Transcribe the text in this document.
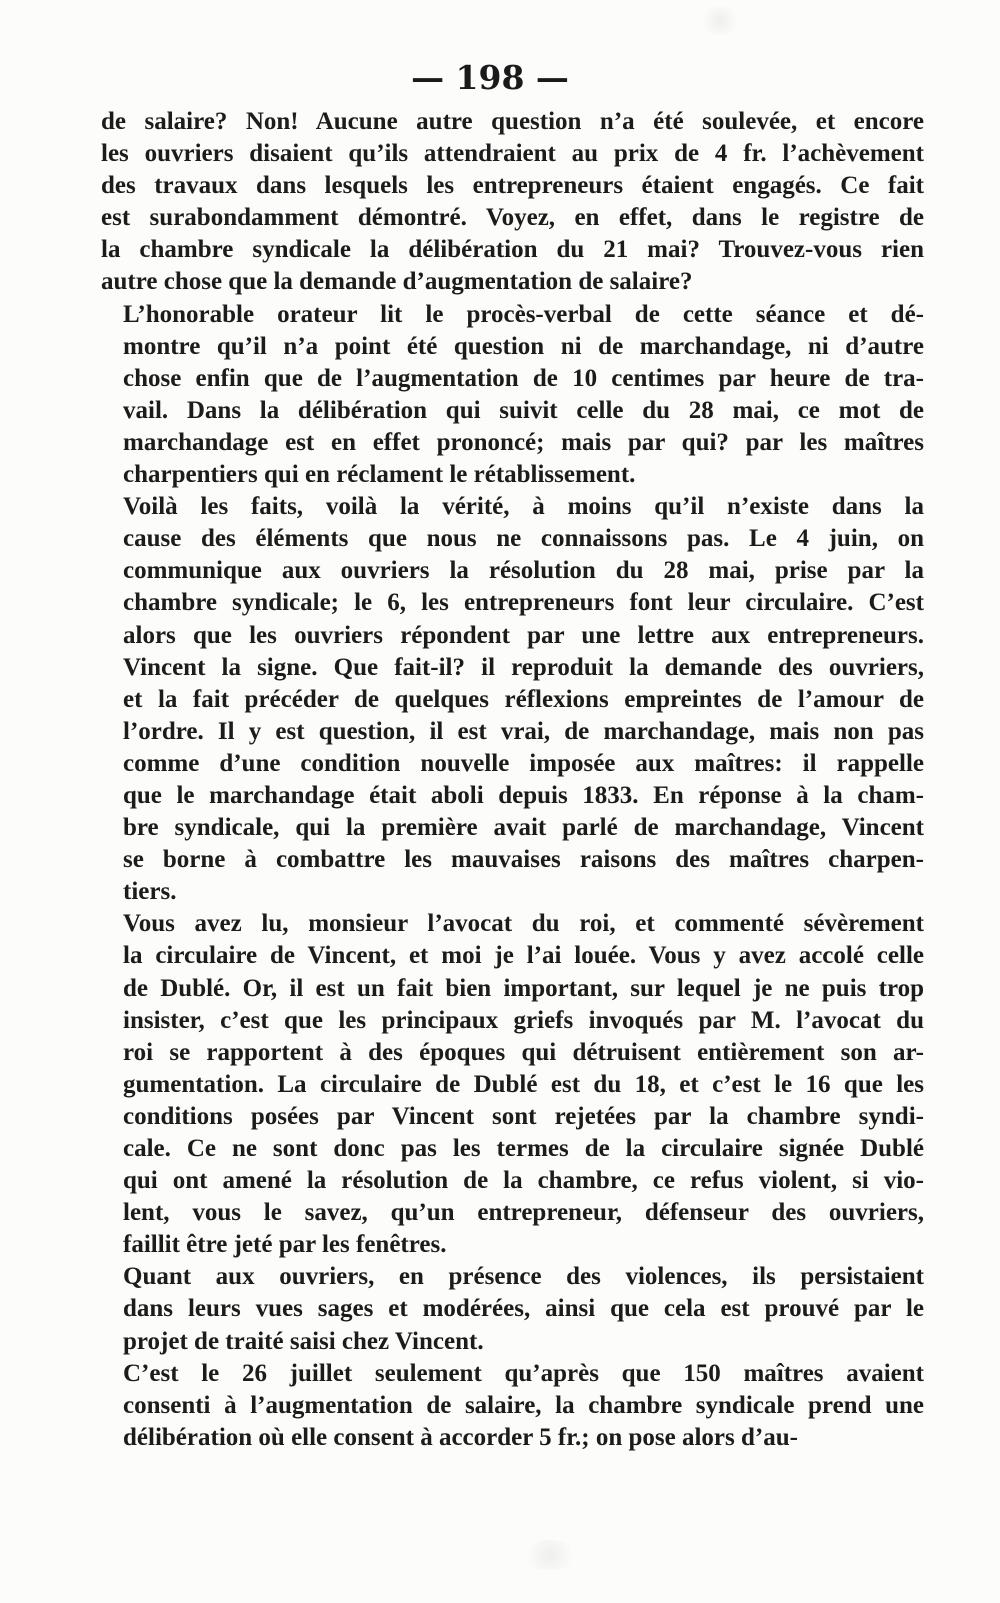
— 198 —

de salaire? Non! Aucune autre question n’a été soulevée, et encore
les ouvriers disaient qu’ils attendraient au prix de 4 fr. l’achèvement
des travaux dans lesquels les entrepreneurs étaient engagés. Ce fait
est surabondamment démontré. Voyez, en effet, dans le registre de
la chambre syndicale la délibération du 21 mai? Trouvez-vous rien
autre chose que la demande d’augmentation de salaire?

L’honorable orateur lit le procès-verbal de cette séance et dé-
montre qu’il n’a point été question ni de marchandage, ni d’autre
chose enfin que de l’augmentation de 10 centimes par heure de tra-
vail. Dans la délibération qui suivit celle du 28 mai, ce mot de
marchandage est en effet prononcé; mais par qui? par les maîtres
charpentiers qui en réclament le rétablissement.

Voilà les faits, voilà la vérité, à moins qu’il n’existe dans la
cause des éléments que nous ne connaissons pas. Le 4 juin, on
communique aux ouvriers la résolution du 28 mai, prise par la
chambre syndicale; le 6, les entrepreneurs font leur circulaire. C’est
alors que les ouvriers répondent par une lettre aux entrepreneurs.
Vincent la signe. Que fait-il? il reproduit la demande des ouvriers,
et la fait précéder de quelques réflexions empreintes de l’amour de
l’ordre. Il y est question, il est vrai, de marchandage, mais non pas
comme d’une condition nouvelle imposée aux maîtres: il rappelle
que le marchandage était aboli depuis 1833. En réponse à la cham-
bre syndicale, qui la première avait parlé de marchandage, Vincent
se borne à combattre les mauvaises raisons des maîtres charpen-
tiers.

Vous avez lu, monsieur l’avocat du roi, et commenté sévèrement
la circulaire de Vincent, et moi je l’ai louée. Vous y avez accolé celle
de Dublé. Or, il est un fait bien important, sur lequel je ne puis trop
insister, c’est que les principaux griefs invoqués par M. l’avocat du
roi se rapportent à des époques qui détruisent entièrement son ar-
gumentation. La circulaire de Dublé est du 18, et c’est le 16 que les
conditions posées par Vincent sont rejetées par la chambre syndi-
cale. Ce ne sont donc pas les termes de la circulaire signée Dublé
qui ont amené la résolution de la chambre, ce refus violent, si vio-
lent, vous le savez, qu’un entrepreneur, défenseur des ouvriers,
faillit être jeté par les fenêtres.

Quant aux ouvriers, en présence des violences, ils persistaient
dans leurs vues sages et modérées, ainsi que cela est prouvé par le
projet de traité saisi chez Vincent.

C’est le 26 juillet seulement qu’après que 150 maîtres avaient
consenti à l’augmentation de salaire, la chambre syndicale prend une
délibération où elle consent à accorder 5 fr.; on pose alors d’au-
